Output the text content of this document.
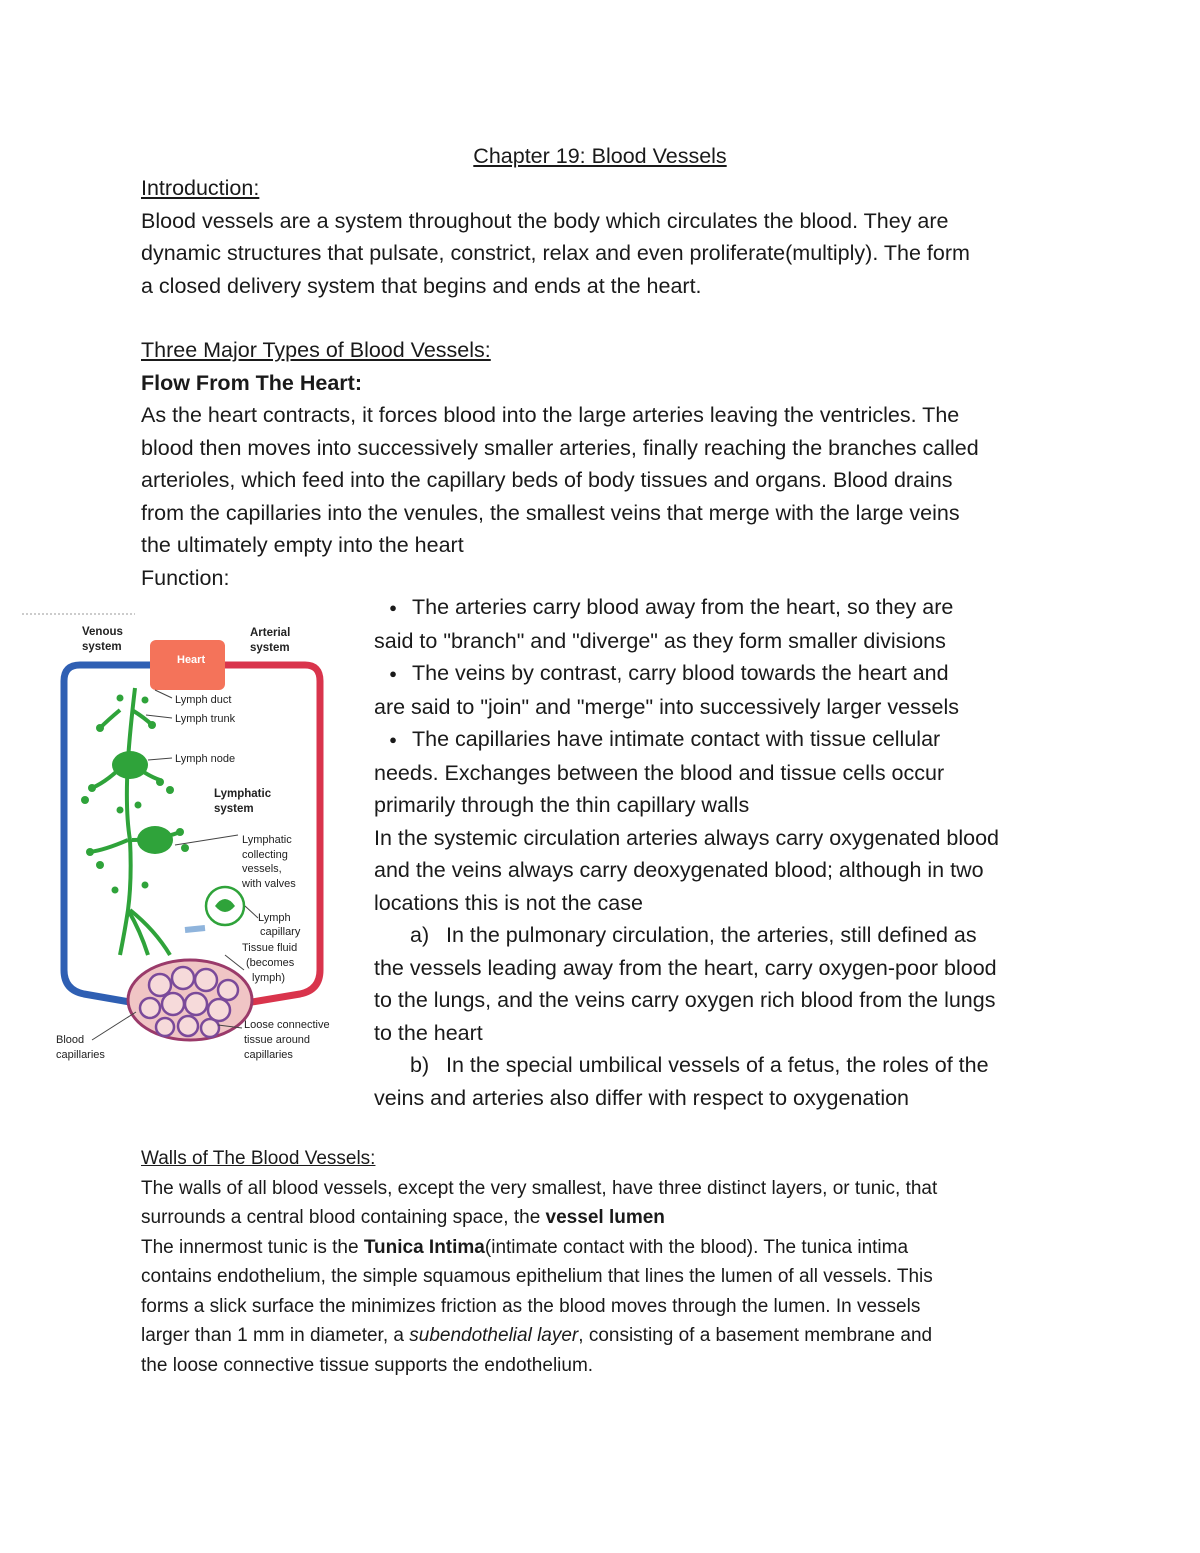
Chapter 19: Blood Vessels
Introduction:
Blood vessels are a system throughout the body which circulates the blood. They are
dynamic structures that pulsate, constrict, relax and even proliferate(multiply). The form
a closed delivery system that begins and ends at the heart.
Three Major Types of Blood Vessels:
Flow From The Heart:
As the heart contracts, it forces blood into the large arteries leaving the ventricles. The
blood then moves into successively smaller arteries, finally reaching the branches called
arterioles, which feed into the capillary beds of body tissues and organs. Blood drains
from the capillaries into the venules, the smallest veins that merge with the large veins
the ultimately empty into the heart
Function:
● The arteries carry blood away from the heart, so they are
said to "branch" and "diverge" as they form smaller divisions
● The veins by contrast, carry blood towards the heart and
are said to "join" and "merge" into successively larger vessels
● The capillaries have intimate contact with tissue cellular
needs. Exchanges between the blood and tissue cells occur
primarily through the thin capillary walls
In the systemic circulation arteries always carry oxygenated blood
and the veins always carry deoxygenated blood; although in two
locations this is not the case
a) In the pulmonary circulation, the arteries, still defined as
the vessels leading away from the heart, carry oxygen-poor blood
to the lungs, and the veins carry oxygen rich blood from the lungs
to the heart
b) In the special umbilical vessels of a fetus, the roles of the
veins and arteries also differ with respect to oxygenation
Venous
system
Arterial
system
Heart
Lymphatic
system
Lymph duct
Lymph trunk
Lymph node
Lymphatic
collecting
vessels,
with valves
Lymph
capillary
Tissue fluid
(becomes
lymph)
Blood
capillaries
Loose connective
tissue around
capillaries
Walls of The Blood Vessels:
The walls of all blood vessels, except the very smallest, have three distinct layers, or tunic, that
surrounds a central blood containing space, the vessel lumen
The innermost tunic is the Tunica Intima(intimate contact with the blood). The tunica intima
contains endothelium, the simple squamous epithelium that lines the lumen of all vessels. This
forms a slick surface the minimizes friction as the blood moves through the lumen. In vessels
larger than 1 mm in diameter, a subendothelial layer, consisting of a basement membrane and
the loose connective tissue supports the endothelium.
